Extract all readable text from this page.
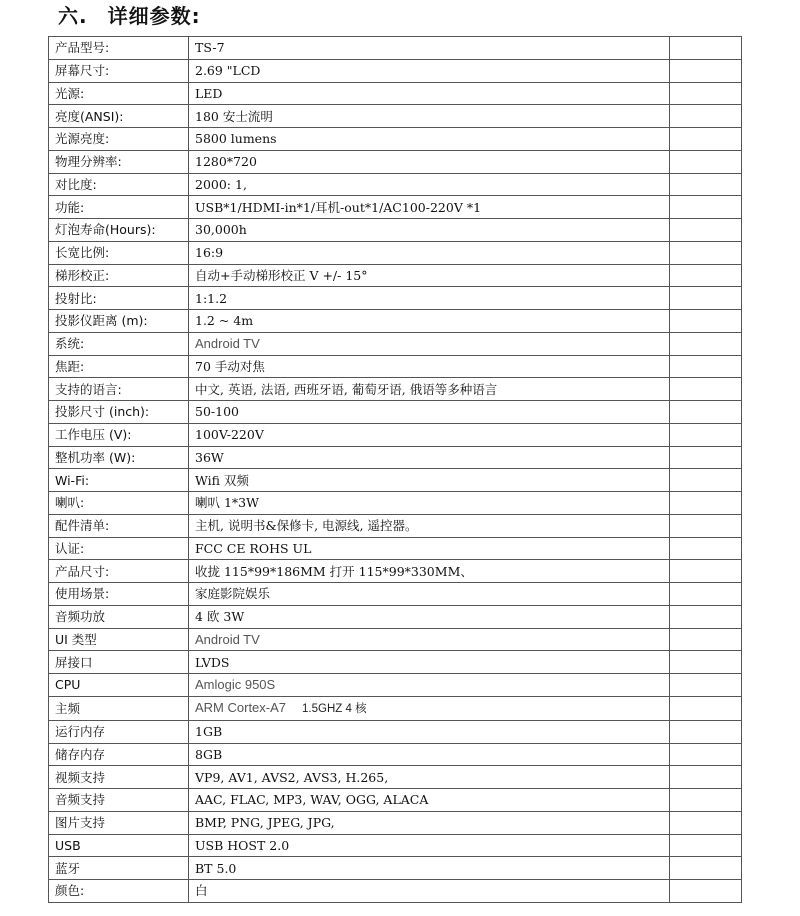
六. 详细参数:
产品型号:	TS-7	
屏幕尺寸:	2.69 "LCD	
光源:	LED	
亮度(ANSI):	180 安士流明	
光源亮度:	5800 lumens	
物理分辨率:	1280*720	
对比度:	2000: 1,	
功能:	USB*1/HDMI-in*1/耳机-out*1/AC100-220V *1	
灯泡寿命(Hours):	30,000h	
长宽比例:	16:9	
梯形校正:	自动+手动梯形校正 V +/- 15°	
投射比:	1:1.2	
投影仪距离 (m):	1.2 ~ 4m	
系统:	Android TV	
焦距:	70 手动对焦	
支持的语言:	中文, 英语, 法语, 西班牙语, 葡萄牙语, 俄语等多种语言	
投影尺寸 (inch):	50-100	
工作电压 (V):	100V-220V	
整机功率 (W):	36W	
Wi-Fi:	Wifi 双频	
喇叭:	喇叭 1*3W	
配件清单:	主机, 说明书&保修卡, 电源线, 遥控器。	
认证:	FCC CE ROHS UL	
产品尺寸:	收拢 115*99*186MM 打开 115*99*330MM、	
使用场景:	家庭影院娱乐	
音频功放	4 欧 3W	
UI 类型	Android TV	
屏接口	LVDS	
CPU	Amlogic 950S	
主频	ARM Cortex-A7 1.5GHZ 4 核	
运行内存	1GB	
储存内存	8GB	
视频支持	VP9, AV1, AVS2, AVS3, H.265,	
音频支持	AAC, FLAC, MP3, WAV, OGG, ALACA	
图片支持	BMP, PNG, JPEG, JPG,	
USB	USB HOST 2.0	
蓝牙	BT 5.0	
颜色:	白	
